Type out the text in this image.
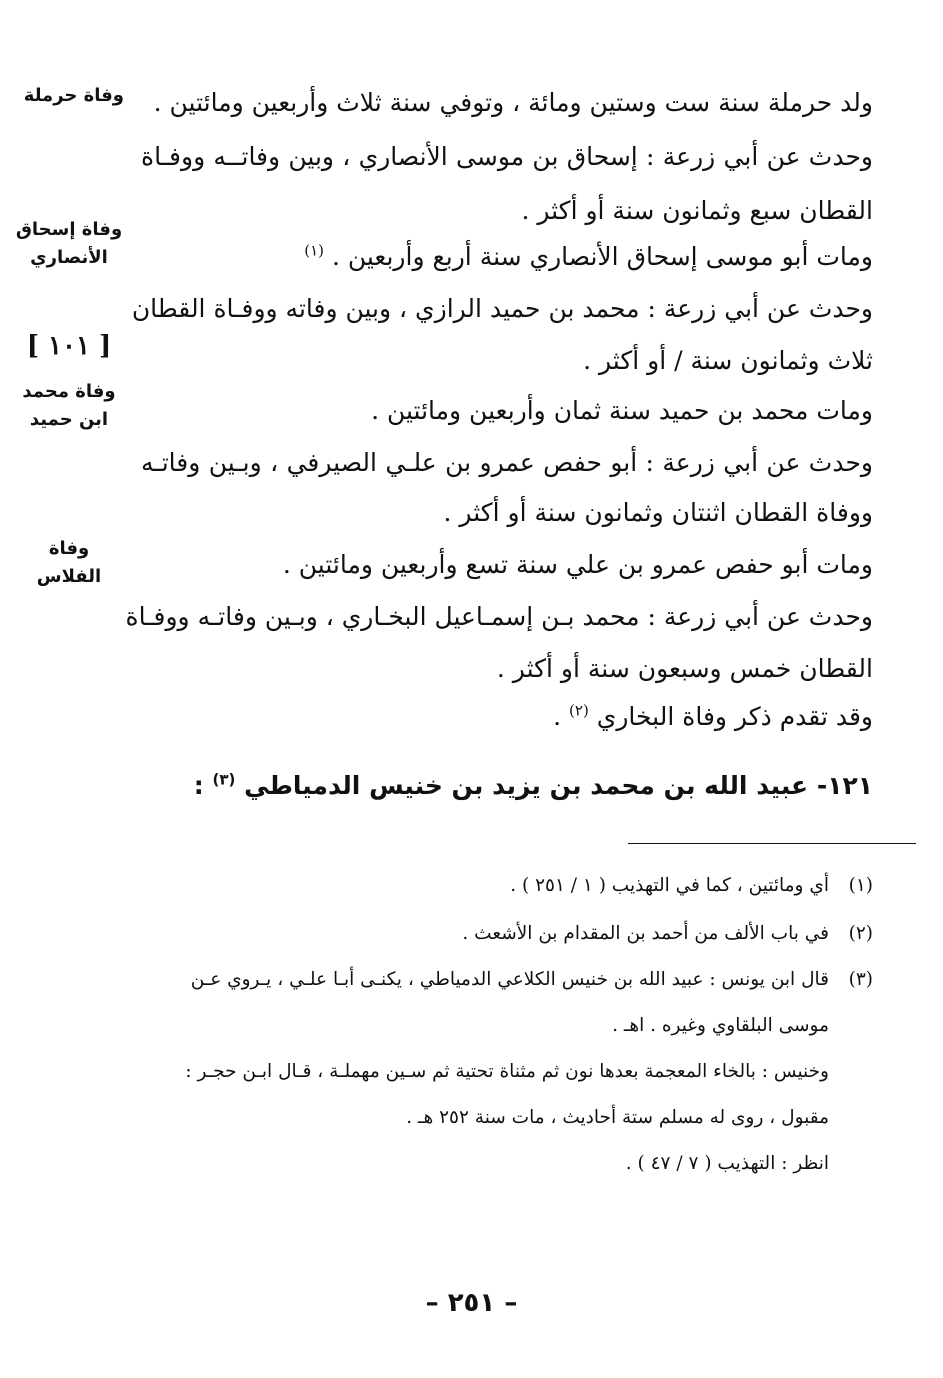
وفاة حرملة
وفاة إسحاق
الأنصاري
[ ١٠١ ]
وفاة محمد
ابن حميد
وفاة
الفلاس
ولد حرملة سنة ست وستين ومائة ، وتوفي سنة ثلاث وأربعين ومائتين .
وحدث عن أبي زرعة : إسحاق بن موسى الأنصاري ، وبين وفاتــه ووفـاة
القطان سبع وثمانون سنة أو أكثر .
ومات أبو موسى إسحاق الأنصاري سنة أربع وأربعين . $^{(١)}$
وحدث عن أبي زرعة : محمد بن حميد الرازي ، وبين وفاته ووفـاة القطان
ثلاث وثمانون سنة / أو أكثر .
ومات محمد بن حميد سنة ثمان وأربعين ومائتين .
وحدث عن أبي زرعة : أبو حفص عمرو بن علـي الصيرفي ، وبـين وفاتـه
ووفاة القطان اثنتان وثمانون سنة أو أكثر .
ومات أبو حفص عمرو بن علي سنة تسع وأربعين ومائتين .
وحدث عن أبي زرعة : محمد بـن إسمـاعيل البخـاري ، وبـين وفاتـه ووفـاة
القطان خمس وسبعون سنة أو أكثر .
وقد تقدم ذكر وفاة البخاري $^{(٢)}$ .
١٢١- عبيد الله بن محمد بن يزيد بن خنيس الدمياطي $^{(٣)}$ :
(١)أي ومائتين ، كما في التهذيب ( ١ / ٢٥١ ) .
(٢)في باب الألف من أحمد بن المقدام بن الأشعث .
(٣)قال ابن يونس : عبيد الله بن خنيس الكلاعي الدمياطي ، يكنـى أبـا علـي ، يـروي عـن
موسى البلقاوي وغيره . اهـ .
وخنيس : بالخاء المعجمة بعدها نون ثم مثناة تحتية ثم سـين مهملـة ، قـال ابـن حجـر :
مقبول ، روى له مسلم ستة أحاديث ، مات سنة ٢٥٢ هـ .
انظر : التهذيب ( ٧ / ٤٧ ) .
– ٢٥١ –
